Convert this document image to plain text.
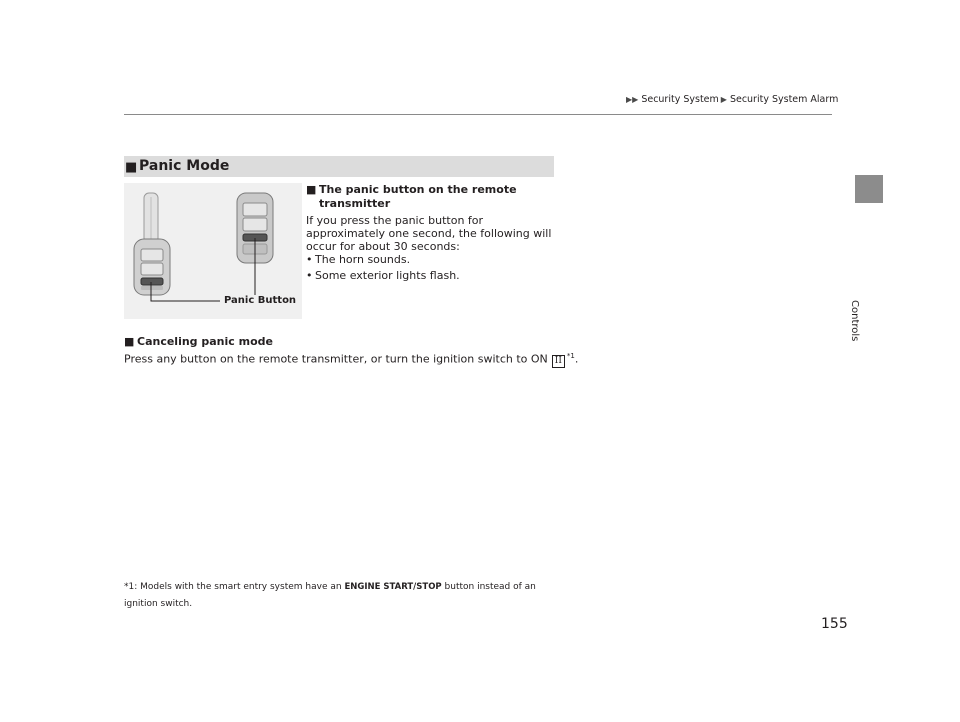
▶▶ Security System ▶ Security System Alarm
Controls
■ Panic Mode
Panic Button
■ The panic button on the remote
transmitter
If you press the panic button for
approximately one second, the following will
occur for about 30 seconds:
• The horn sounds.
• Some exterior lights flash.
■ Canceling panic mode
Press any button on the remote transmitter, or turn the ignition switch to ON II $^{*1}$.
*1: Models with the smart entry system have an ENGINE START/STOP button instead of an
ignition switch.
155
